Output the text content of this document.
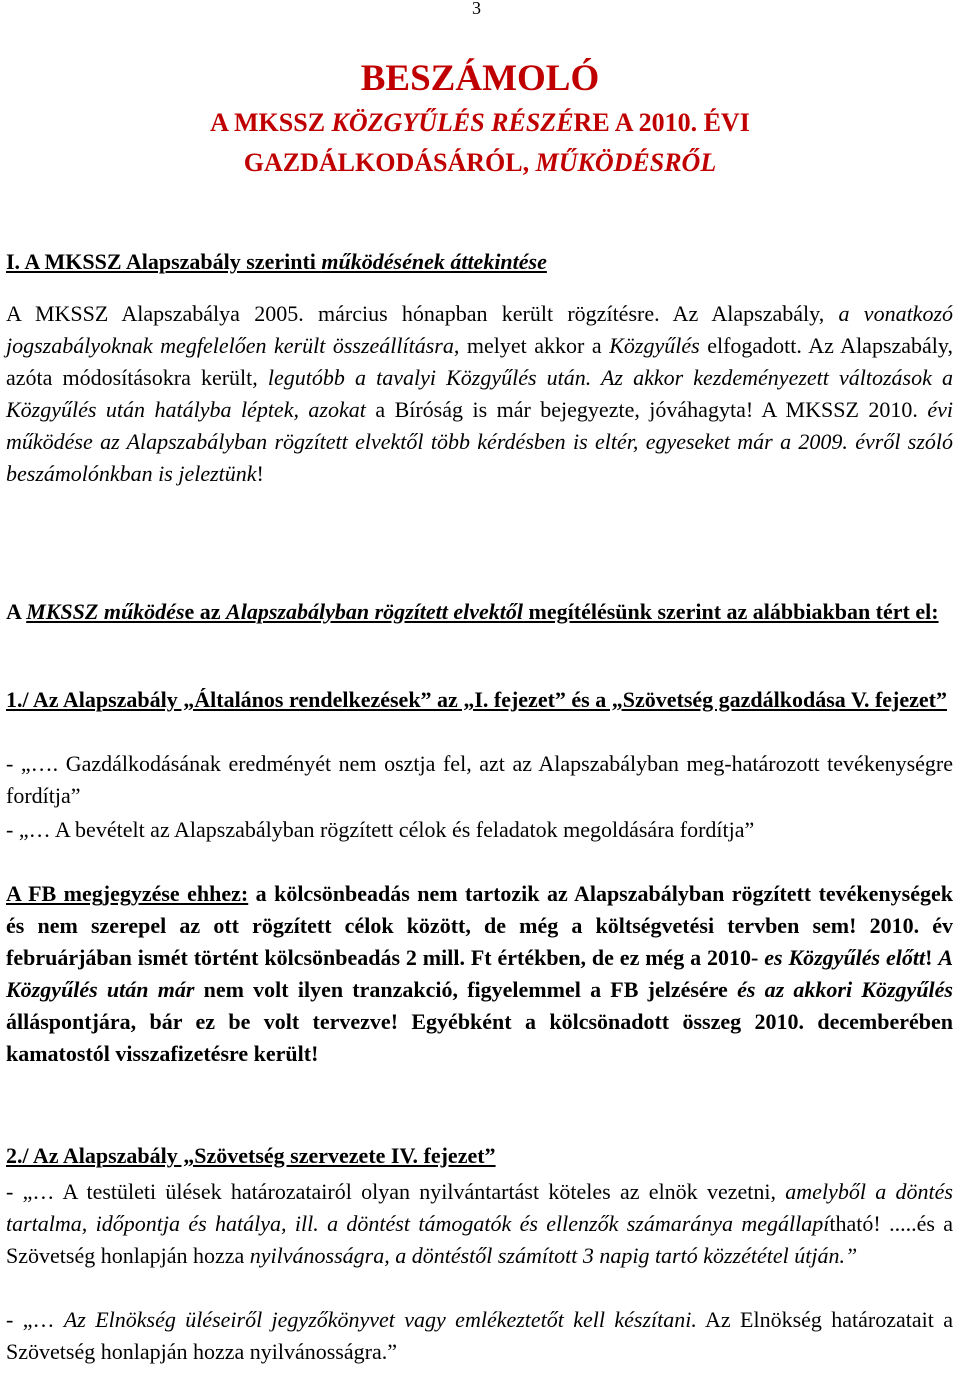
3
BESZÁMOLÓ
A MKSSZ KÖZGYŰLÉS RÉSZÉRE A 2010. ÉVI
GAZDÁLKODÁSÁRÓL, MŰKÖDÉSRŐL
I. A MKSSZ Alapszabály szerinti működésének áttekintése
A MKSSZ Alapszabálya 2005. március hónapban került rögzítésre. Az Alapszabály, a vonatkozó jogszabályoknak megfelelően került összeállításra, melyet akkor a Közgyűlés elfogadott. Az Alapszabály, azóta módosításokra került, legutóbb a tavalyi Közgyűlés után. Az akkor kezdeményezett változások a Közgyűlés után hatályba léptek, azokat a Bíróság is már bejegyezte, jóváhagyta! A MKSSZ 2010. évi működése az Alapszabályban rögzített elvektől több kérdésben is eltér, egyeseket már a 2009. évről szóló beszámolónkban is jeleztünk!
A MKSSZ működése az Alapszabályban rögzített elvektől megítélésünk szerint az alábbiakban tért el:
1./ Az Alapszabály „Általános rendelkezések” az „I. fejezet” és a „Szövetség gazdálkodása V. fejezet”
- „…. Gazdálkodásának eredményét nem osztja fel, azt az Alapszabályban meg-határozott tevékenységre fordítja”
- „… A bevételt az Alapszabályban rögzített célok és feladatok megoldására fordítja”
A FB megjegyzése ehhez: a kölcsönbeadás nem tartozik az Alapszabályban rögzített tevékenységek és nem szerepel az ott rögzített célok között, de még a költségvetési tervben sem! 2010. év februárjában ismét történt kölcsönbeadás 2 mill. Ft értékben, de ez még a 2010- es Közgyűlés előtt! A Közgyűlés után már nem volt ilyen tranzakció, figyelemmel a FB jelzésére és az akkori Közgyűlés álláspontjára, bár ez be volt tervezve! Egyébként a kölcsönadott összeg 2010. decemberében kamatostól visszafizetésre került!
2./ Az Alapszabály „Szövetség szervezete IV. fejezet”
- „… A testületi ülések határozatairól olyan nyilvántartást köteles az elnök vezetni, amelyből a döntés tartalma, időpontja és hatálya, ill. a döntést támogatók és ellenzők számaránya megállapítható! .....és a Szövetség honlapján hozza nyilvánosságra, a döntéstől számított 3 napig tartó közzététel útján.”
- „… Az Elnökség üléseiről jegyzőkönyvet vagy emlékeztetőt kell készítani. Az Elnökség határozatait a Szövetség honlapján hozza nyilvánosságra.”
